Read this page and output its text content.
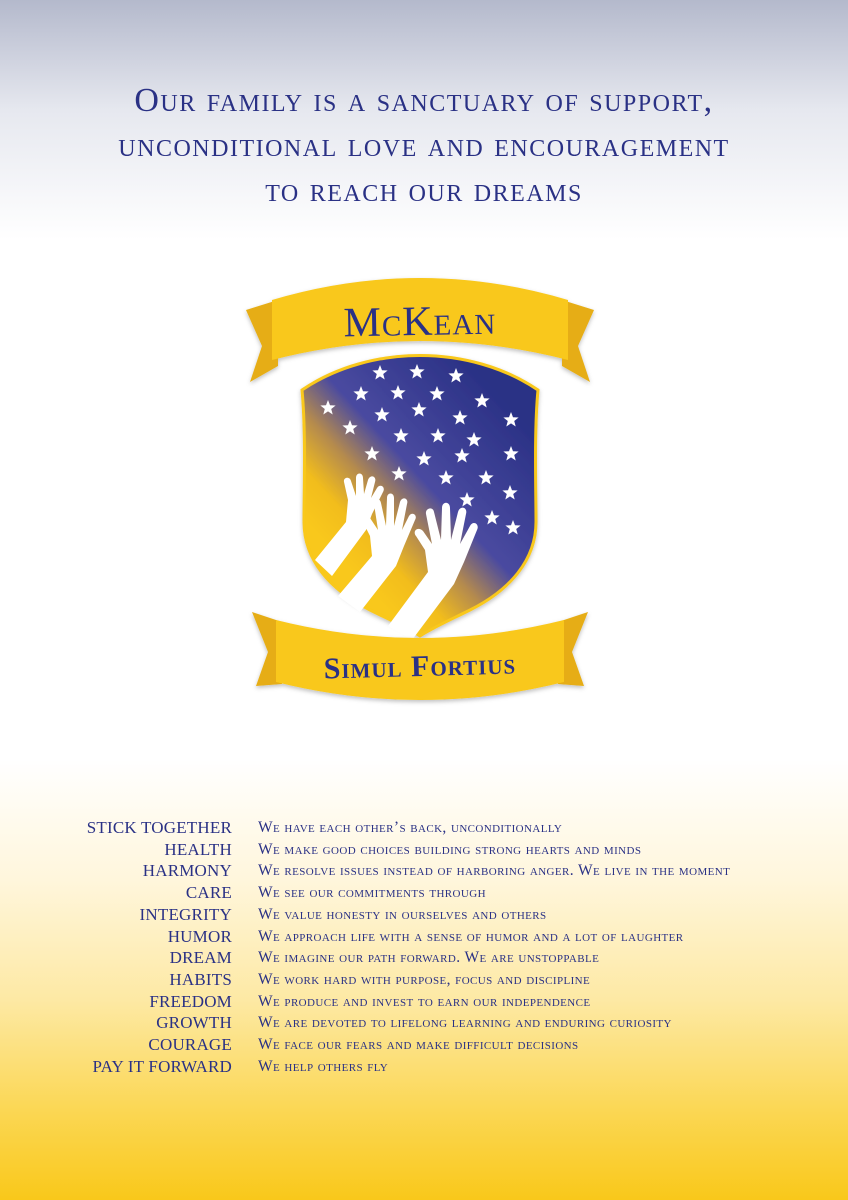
Our family is a sanctuary of support,
unconditional love and encouragement
to reach our dreams
McKean
Simul Fortius
STICK TOGETHER We have each other’s back, unconditionally
HEALTH We make good choices building strong hearts and minds
HARMONY We resolve issues instead of harboring anger. We live in the moment
CARE We see our commitments through
INTEGRITY We value honesty in ourselves and others
HUMOR We approach life with a sense of humor and a lot of laughter
DREAM We imagine our path forward. We are unstoppable
HABITS We work hard with purpose, focus and discipline
FREEDOM We produce and invest to earn our independence
GROWTH We are devoted to lifelong learning and enduring curiosity
COURAGE We face our fears and make difficult decisions
PAY IT FORWARD We help others fly
